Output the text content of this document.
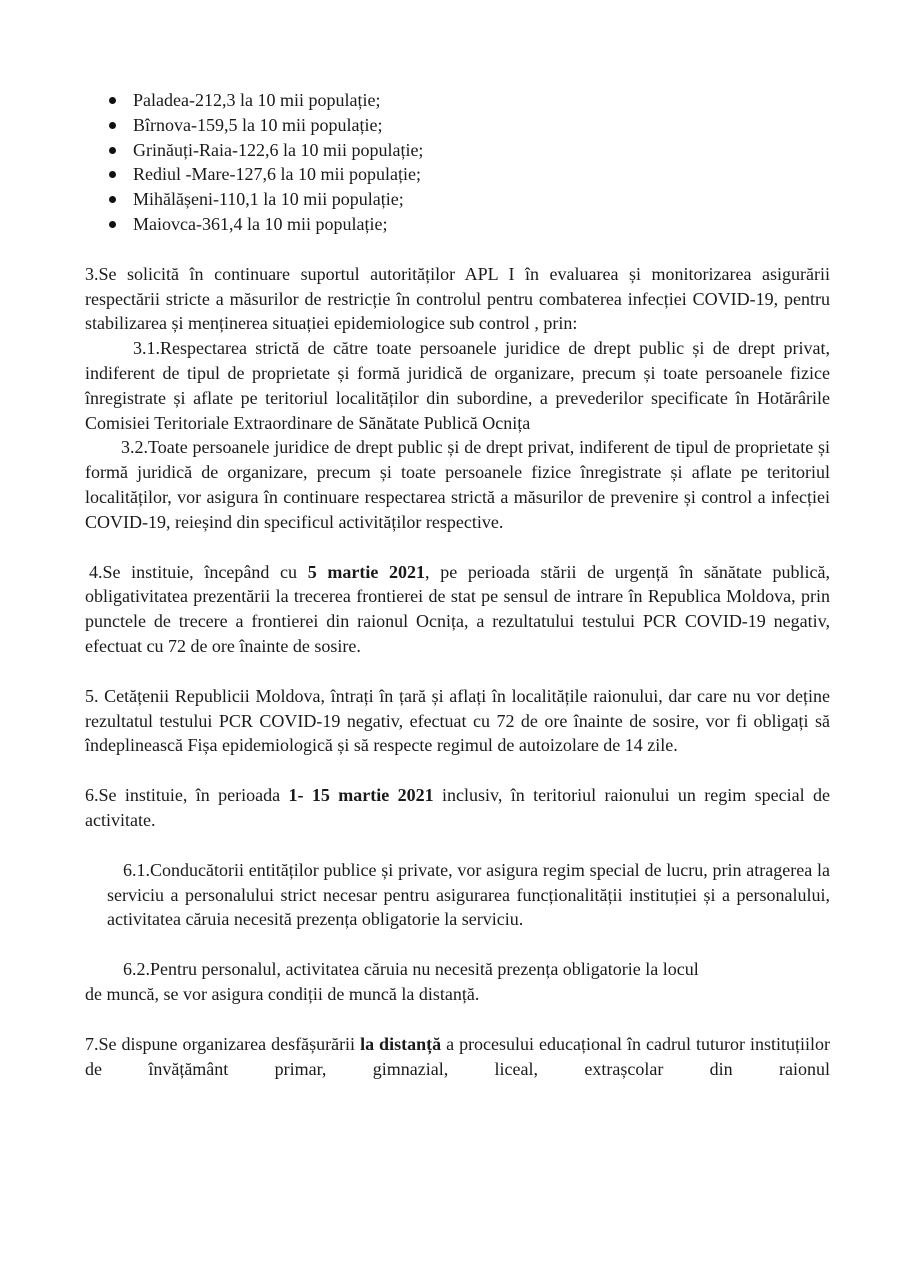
Paladea-212,3 la 10 mii populație;
Bîrnova-159,5 la 10 mii populație;
Grinăuți-Raia-122,6 la 10 mii populație;
Rediul -Mare-127,6 la 10 mii populație;
Mihălășeni-110,1 la 10 mii populație;
Maiovca-361,4 la 10 mii populație;

3.Se solicită în continuare suportul autorităților APL I în evaluarea și monitorizarea asigurării respectării stricte a măsurilor de restricție în controlul pentru combaterea infecției COVID-19, pentru stabilizarea și menținerea situației epidemiologice sub control , prin:

3.1.Respectarea strictă de către toate persoanele juridice de drept public și de drept privat, indiferent de tipul de proprietate și formă juridică de organizare, precum și toate persoanele fizice înregistrate și aflate pe teritoriul localităților din subordine, a prevederilor specificate în Hotărârile Comisiei Teritoriale Extraordinare de Sănătate Publică Ocnița

3.2.Toate persoanele juridice de drept public și de drept privat, indiferent de tipul de proprietate și formă juridică de organizare, precum și toate persoanele fizice înregistrate și aflate pe teritoriul localităților, vor asigura în continuare respectarea strictă a măsurilor de prevenire și control a infecției COVID-19, reieșind din specificul activităților respective.

4.Se instituie, începând cu 5 martie 2021, pe perioada stării de urgență în sănătate publică, obligativitatea prezentării la trecerea frontierei de stat pe sensul de intrare în Republica Moldova, prin punctele de trecere a frontierei din raionul Ocnița, a rezultatului testului PCR COVID-19 negativ, efectuat cu 72 de ore înainte de sosire.

5. Cetățenii Republicii Moldova, întrați în țară și aflați în localitățile raionului, dar care nu vor deține rezultatul testului PCR COVID-19 negativ, efectuat cu 72 de ore înainte de sosire, vor fi obligați să îndeplinească Fișa epidemiologică și să respecte regimul de autoizolare de 14 zile.

6.Se instituie, în perioada 1- 15 martie 2021 inclusiv, în teritoriul raionului un regim special de activitate.

6.1.Conducătorii entităților publice și private, vor asigura regim special de lucru, prin atragerea la serviciu a personalului strict necesar pentru asigurarea funcționalității instituției și a personalului, activitatea căruia necesită prezența obligatorie la serviciu.

6.2.Pentru personalul, activitatea căruia nu necesită prezența obligatorie la locul
de muncă, se vor asigura condiții de muncă la distanță.

7.Se dispune organizarea desfășurării la distanță a procesului educațional în cadrul tuturor instituțiilor de învățământ primar, gimnazial, liceal, extrașcolar din raionul
